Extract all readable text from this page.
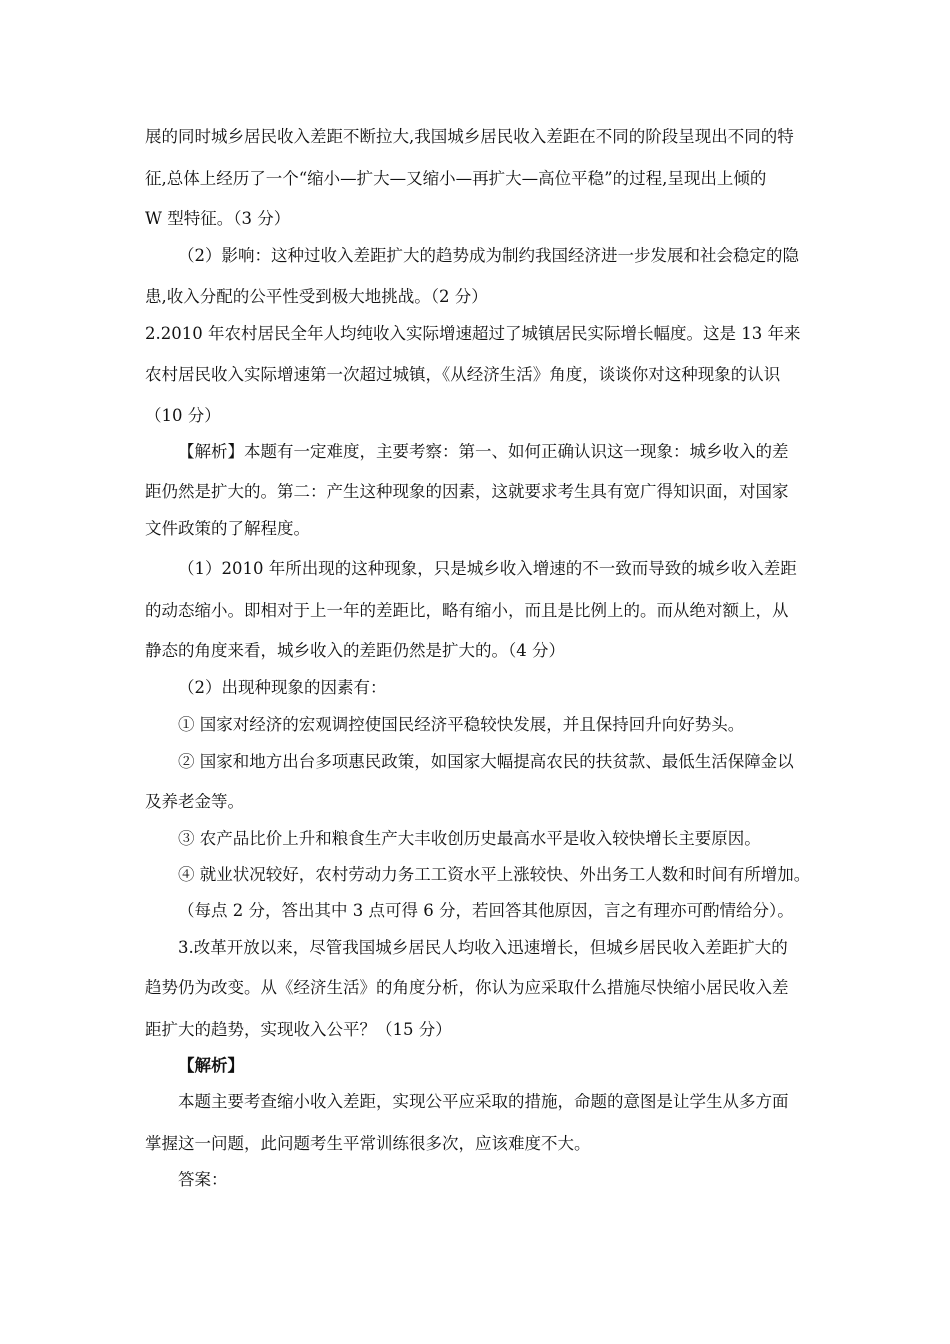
展的同时城乡居民收入差距不断拉大,我国城乡居民收入差距在不同的阶段呈现出不同的特
征,总体上经历了一个“缩小—扩大—又缩小—再扩大—高位平稳”的过程,呈现出上倾的
W 型特征。（3 分）
（2）影响：这种过收入差距扩大的趋势成为制约我国经济进一步发展和社会稳定的隐
患,收入分配的公平性受到极大地挑战。（2 分）
2.2010 年农村居民全年人均纯收入实际增速超过了城镇居民实际增长幅度。这是 13 年来
农村居民收入实际增速第一次超过城镇，《从经济生活》角度，谈谈你对这种现象的认识
（10 分）
【解析】本题有一定难度，主要考察：第一、如何正确认识这一现象：城乡收入的差
距仍然是扩大的。第二：产生这种现象的因素，这就要求考生具有宽广得知识面，对国家
文件政策的了解程度。
（1）2010 年所出现的这种现象，只是城乡收入增速的不一致而导致的城乡收入差距
的动态缩小。即相对于上一年的差距比，略有缩小，而且是比例上的。而从绝对额上，从
静态的角度来看，城乡收入的差距仍然是扩大的。（4 分）
（2）出现种现象的因素有：
① 国家对经济的宏观调控使国民经济平稳较快发展，并且保持回升向好势头。
② 国家和地方出台多项惠民政策，如国家大幅提高农民的扶贫款、最低生活保障金以
及养老金等。
③ 农产品比价上升和粮食生产大丰收创历史最高水平是收入较快增长主要原因。
④ 就业状况较好，农村劳动力务工工资水平上涨较快、外出务工人数和时间有所增加。
（每点 2 分，答出其中 3 点可得 6 分，若回答其他原因，言之有理亦可酌情给分）。
3.改革开放以来，尽管我国城乡居民人均收入迅速增长，但城乡居民收入差距扩大的
趋势仍为改变。从《经济生活》的角度分析，你认为应采取什么措施尽快缩小居民收入差
距扩大的趋势，实现收入公平？（15 分）
【解析】
本题主要考查缩小收入差距，实现公平应采取的措施，命题的意图是让学生从多方面
掌握这一问题，此问题考生平常训练很多次，应该难度不大。
答案：
